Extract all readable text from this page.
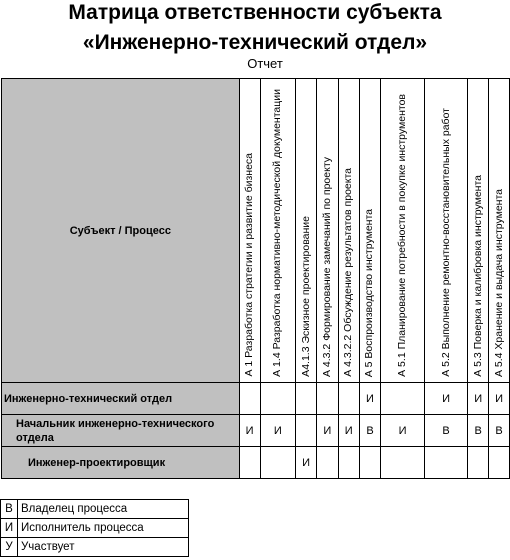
Матрица ответственности субъекта
«Инженерно-технический отдел»
Отчет
Субъект / Процесс	А 1 Разработка стратегии и развитие бизнеса	А 1.4 Разработка нормативно-методической документации	А4.1.3 Эскизное проектирование	А 4.3.2 Формирование замечаний по проекту	А 4.3.2.2 Обсуждение результатов проекта	А 5 Воспроизводство инструмента	А 5.1 Планирование потребности в покупке инструментов	А 5.2 Выполнение ремонтно-восстановительных работ	А 5.3 Поверка и калибровка инструмента	А 5.4 Хранение и выдача инструмента
Инженерно-технический отдел						И		И	И	И
Начальник инженерно-технического отдела	И	И		И	И	В	И	В	В	В
Инженер-проектировщик			И							
В	Владелец процесса
И	Исполнитель процесса
У	Участвует
